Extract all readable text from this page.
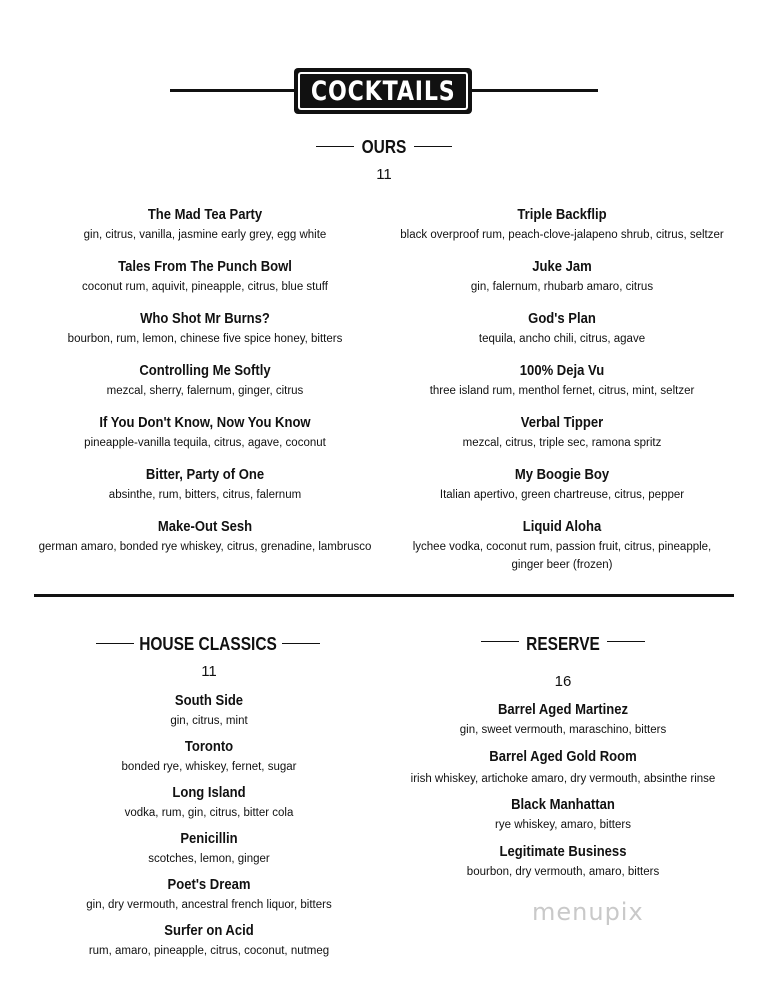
COCKTAILS
OURS
11
The Mad Tea Party
gin, citrus, vanilla, jasmine early grey, egg white
Tales From The Punch Bowl
coconut rum, aquivit, pineapple, citrus, blue stuff
Who Shot Mr Burns?
bourbon, rum, lemon, chinese five spice honey, bitters
Controlling Me Softly
mezcal, sherry, falernum, ginger, citrus
If You Don't Know, Now You Know
pineapple-vanilla tequila, citrus, agave, coconut
Bitter, Party of One
absinthe, rum, bitters, citrus, falernum
Make-Out Sesh
german amaro, bonded rye whiskey, citrus, grenadine, lambrusco
Triple Backflip
black overproof rum, peach-clove-jalapeno shrub, citrus, seltzer
Juke Jam
gin, falernum, rhubarb amaro, citrus
God's Plan
tequila, ancho chili, citrus, agave
100% Deja Vu
three island rum, menthol fernet, citrus, mint, seltzer
Verbal Tipper
mezcal, citrus, triple sec, ramona spritz
My Boogie Boy
Italian apertivo, green chartreuse, citrus, pepper
Liquid Aloha
lychee vodka, coconut rum, passion fruit, citrus, pineapple,
ginger beer (frozen)
HOUSE CLASSICS
11
South Side
gin, citrus, mint
Toronto
bonded rye, whiskey, fernet, sugar
Long Island
vodka, rum, gin, citrus, bitter cola
Penicillin
scotches, lemon, ginger
Poet's Dream
gin, dry vermouth, ancestral french liquor, bitters
Surfer on Acid
rum, amaro, pineapple, citrus, coconut, nutmeg
RESERVE
16
Barrel Aged Martinez
gin, sweet vermouth, maraschino, bitters
Barrel Aged Gold Room
irish whiskey, artichoke amaro, dry vermouth, absinthe rinse
Black Manhattan
rye whiskey, amaro, bitters
Legitimate Business
bourbon, dry vermouth, amaro, bitters
menupix
